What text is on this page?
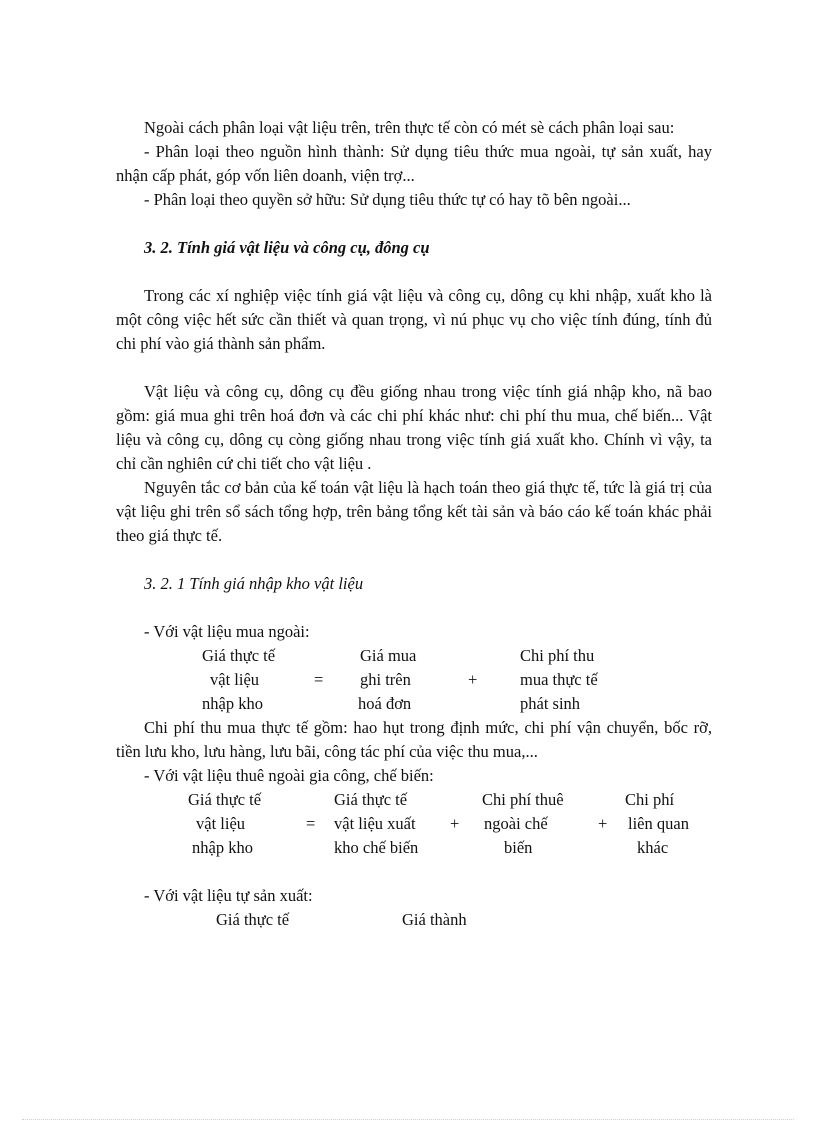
Ngoài cách phân loại vật liệu trên, trên thực tế còn có mét sè cách phân loại sau:

- Phân loại theo nguồn hình thành: Sử dụng tiêu thức mua ngoài, tự sản xuất, hay nhận cấp phát, góp vốn liên doanh, viện trợ...

- Phân loại theo quyền sở hữu: Sử dụng tiêu thức tự có hay tõ bên ngoài...

3. 2. Tính giá vật liệu và công cụ, đông cụ

Trong các xí nghiệp việc tính giá vật liệu và công cụ, dông cụ khi nhập, xuất kho là một công việc hết sức cần thiết và quan trọng, vì nú phục vụ cho việc tính đúng, tính đủ chi phí vào giá thành sản phẩm.

Vật liệu và công cụ, dông cụ đều giống nhau trong việc tính giá nhập kho, nã bao gồm: giá mua ghi trên hoá đơn và các chi phí khác như: chi phí thu mua, chế biến... Vật liệu và công cụ, dông cụ còng giống nhau trong việc tính giá xuất kho. Chính vì vậy, ta chỉ cần nghiên cứ chi tiết cho vật liệu .

Nguyên tắc cơ bản của kế toán vật liệu là hạch toán theo giá thực tế, tức là giá trị của vật liệu ghi trên sổ sách tổng hợp, trên bảng tổng kết tài sản và báo cáo kế toán khác phải theo giá thực tế.

3. 2. 1 Tính giá nhập kho vật liệu

- Với vật liệu mua ngoài:

Giá thực tế
vật liệu
nhập kho
=
Giá mua
ghi trên
hoá đơn
+
Chi phí thu
mua thực tế
phát sinh

Chi phí thu mua thực tế gồm: hao hụt trong định mức, chi phí vận chuyển, bốc rỡ, tiền lưu kho, lưu hàng, lưu bãi, công tác phí của việc thu mua,...

- Với vật liệu thuê ngoài gia công, chế biến:

Giá thực tế
vật liệu
nhập kho
=
Giá thực tế
vật liệu xuất
kho chế biến
+
Chi phí thuê
ngoài chế
biến
+
Chi phí
liên quan
khác

- Với vật liệu tự sản xuất:

Giá thực tế	Giá thành
